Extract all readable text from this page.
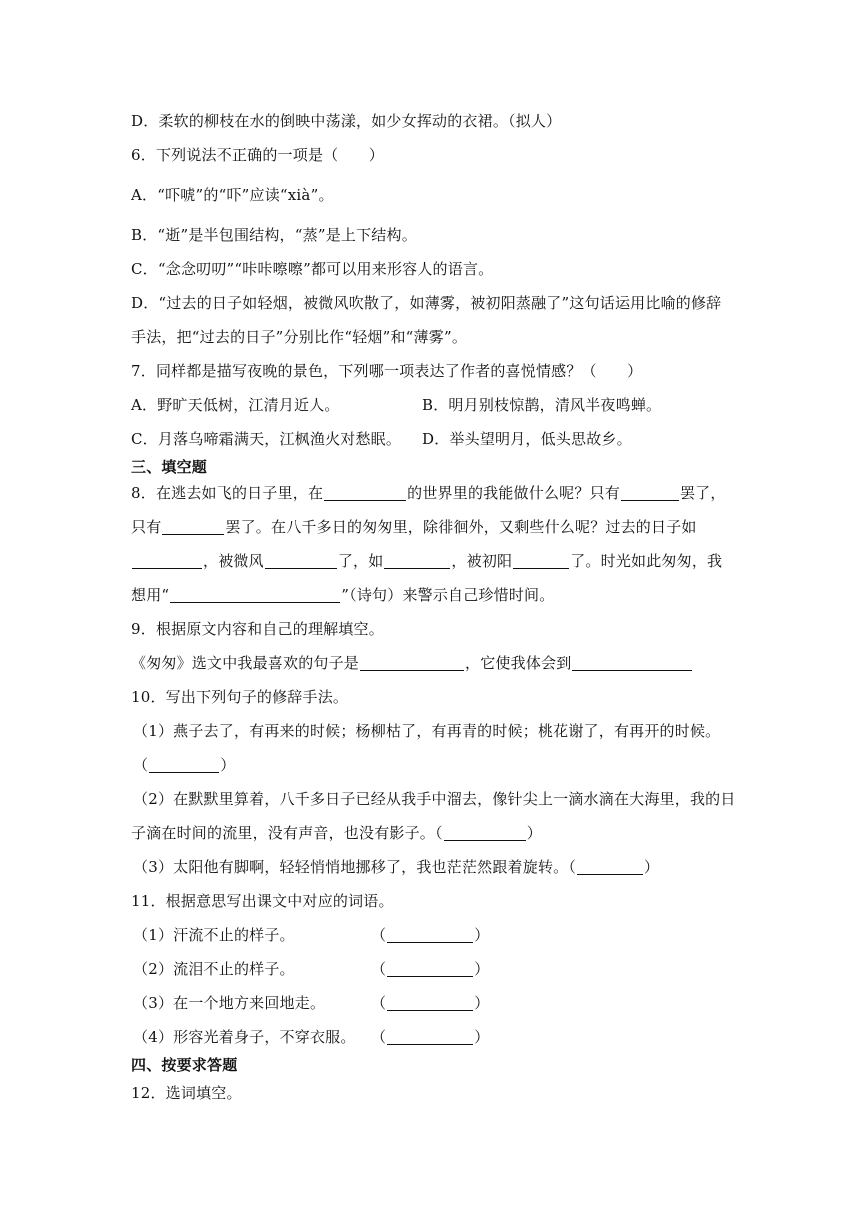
D．柔软的柳枝在水的倒映中荡漾，如少女挥动的衣裙。（拟人）
6．下列说法不正确的一项是（　　）
A．“吓唬”的“吓”应读“xià”。
B．“逝”是半包围结构，“蒸”是上下结构。
C．“念念叨叨”“咔咔嚓嚓”都可以用来形容人的语言。
D．“过去的日子如轻烟，被微风吹散了，如薄雾，被初阳蒸融了”这句话运用比喻的修辞
手法，把“过去的日子”分别比作“轻烟”和“薄雾”。
7．同样都是描写夜晚的景色，下列哪一项表达了作者的喜悦情感？（　　）
A．野旷天低树，江清月近人。	B．明月别枝惊鹊，清风半夜鸣蝉。
C．月落乌啼霜满天，江枫渔火对愁眠。 D．举头望明月，低头思故乡。
三、填空题
8．在逃去如飞的日子里，在	的世界里的我能做什么呢？只有	罢了，
只有	罢了。在八千多日的匆匆里，除徘徊外，又剩些什么呢？过去的日子如
，被微风	了，如	，被初阳	了。时光如此匆匆，我
想用“	”（诗句）来警示自己珍惜时间。
9．根据原文内容和自己的理解填空。
《匆匆》选文中我最喜欢的句子是	，它使我体会到
10．写出下列句子的修辞手法。
（1）燕子去了，有再来的时候；杨柳枯了，有再青的时候；桃花谢了，有再开的时候。
（	）
（2）在默默里算着，八千多日子已经从我手中溜去，像针尖上一滴水滴在大海里，我的日
子滴在时间的流里，没有声音，也没有影子。（	）
（3）太阳他有脚啊，轻轻悄悄地挪移了，我也茫茫然跟着旋转。（	）
11．根据意思写出课文中对应的词语。
（1）汗流不止的样子。	（	）
（2）流泪不止的样子。	（	）
（3）在一个地方来回地走。	（	）
（4）形容光着身子，不穿衣服。 （	）
四、按要求答题
12．选词填空。
